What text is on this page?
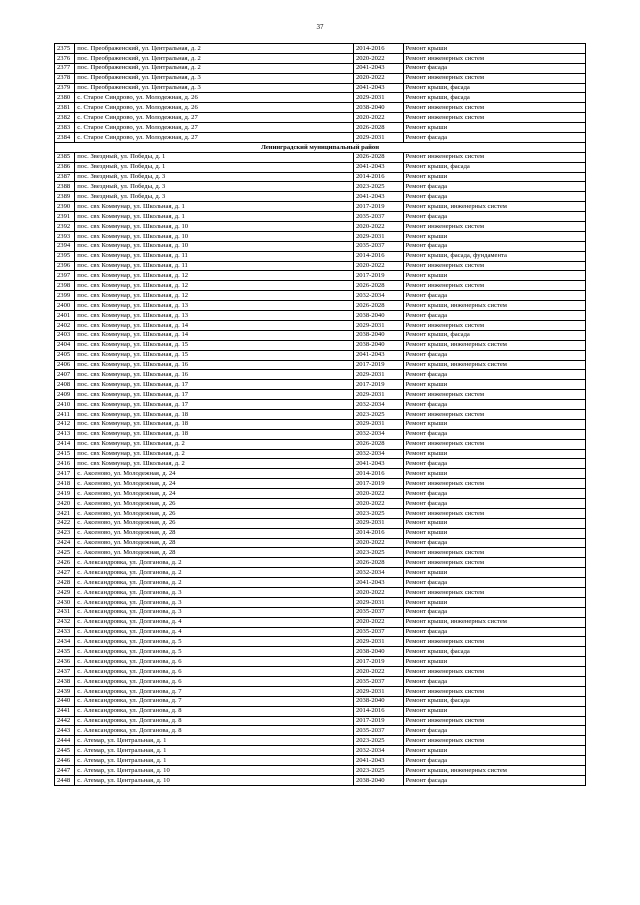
37
2375	пос. Преображенский, ул. Центральная, д. 2	2014-2016	Ремонт крыши
2376	пос. Преображенский, ул. Центральная, д. 2	2020-2022	Ремонт инженерных систем
2377	пос. Преображенский, ул. Центральная, д. 2	2041-2043	Ремонт фасада
2378	пос. Преображенский, ул. Центральная, д. 3	2020-2022	Ремонт инженерных систем
2379	пос. Преображенский, ул. Центральная, д. 3	2041-2043	Ремонт крыши, фасада
2380	с. Старое Синдрово, ул. Молодежная, д. 26	2029-2031	Ремонт крыши, фасада
2381	с. Старое Синдрово, ул. Молодежная, д. 26	2038-2040	Ремонт инженерных систем
2382	с. Старое Синдрово, ул. Молодежная, д. 27	2020-2022	Ремонт инженерных систем
2383	с. Старое Синдрово, ул. Молодежная, д. 27	2026-2028	Ремонт крыши
2384	с. Старое Синдрово, ул. Молодежная, д. 27	2029-2031	Ремонт фасада
Ленинградский муниципальный район			
2385	пос. Звездный, ул. Победы, д. 1	2026-2028	Ремонт инженерных систем
2386	пос. Звездный, ул. Победы, д. 1	2041-2043	Ремонт крыши, фасада
2387	пос. Звездный, ул. Победы, д. 3	2014-2016	Ремонт крыши
2388	пос. Звездный, ул. Победы, д. 3	2023-2025	Ремонт фасада
2389	пос. Звездный, ул. Победы, д. 3	2041-2043	Ремонт фасада
2390	пос. свх Коммунар, ул. Школьная, д. 1	2017-2019	Ремонт крыши, инженерных систем
2391	пос. свх Коммунар, ул. Школьная, д. 1	2035-2037	Ремонт фасада
2392	пос. свх Коммунар, ул. Школьная, д. 10	2020-2022	Ремонт инженерных систем
2393	пос. свх Коммунар, ул. Школьная, д. 10	2029-2031	Ремонт крыши
2394	пос. свх Коммунар, ул. Школьная, д. 10	2035-2037	Ремонт фасада
2395	пос. свх Коммунар, ул. Школьная, д. 11	2014-2016	Ремонт крыши, фасада, фундамента
2396	пос. свх Коммунар, ул. Школьная, д. 11	2020-2022	Ремонт инженерных систем
2397	пос. свх Коммунар, ул. Школьная, д. 12	2017-2019	Ремонт крыши
2398	пос. свх Коммунар, ул. Школьная, д. 12	2026-2028	Ремонт инженерных систем
2399	пос. свх Коммунар, ул. Школьная, д. 12	2032-2034	Ремонт фасада
2400	пос. свх Коммунар, ул. Школьная, д. 13	2026-2028	Ремонт крыши, инженерных систем
2401	пос. свх Коммунар, ул. Школьная, д. 13	2038-2040	Ремонт фасада
2402	пос. свх Коммунар, ул. Школьная, д. 14	2029-2031	Ремонт инженерных систем
2403	пос. свх Коммунар, ул. Школьная, д. 14	2038-2040	Ремонт крыши, фасада
2404	пос. свх Коммунар, ул. Школьная, д. 15	2038-2040	Ремонт крыши, инженерных систем
2405	пос. свх Коммунар, ул. Школьная, д. 15	2041-2043	Ремонт фасада
2406	пос. свх Коммунар, ул. Школьная, д. 16	2017-2019	Ремонт крыши, инженерных систем
2407	пос. свх Коммунар, ул. Школьная, д. 16	2029-2031	Ремонт фасада
2408	пос. свх Коммунар, ул. Школьная, д. 17	2017-2019	Ремонт крыши
2409	пос. свх Коммунар, ул. Школьная, д. 17	2029-2031	Ремонт инженерных систем
2410	пос. свх Коммунар, ул. Школьная, д. 17	2032-2034	Ремонт фасада
2411	пос. свх Коммунар, ул. Школьная, д. 18	2023-2025	Ремонт инженерных систем
2412	пос. свх Коммунар, ул. Школьная, д. 18	2029-2031	Ремонт крыши
2413	пос. свх Коммунар, ул. Школьная, д. 18	2032-2034	Ремонт фасада
2414	пос. свх Коммунар, ул. Школьная, д. 2	2026-2028	Ремонт инженерных систем
2415	пос. свх Коммунар, ул. Школьная, д. 2	2032-2034	Ремонт крыши
2416	пос. свх Коммунар, ул. Школьная, д. 2	2041-2043	Ремонт фасада
2417	с. Аксеново, ул. Молодежная, д. 24	2014-2016	Ремонт крыши
2418	с. Аксеново, ул. Молодежная, д. 24	2017-2019	Ремонт инженерных систем
2419	с. Аксеново, ул. Молодежная, д. 24	2020-2022	Ремонт фасада
2420	с. Аксеново, ул. Молодежная, д. 26	2020-2022	Ремонт фасада
2421	с. Аксеново, ул. Молодежная, д. 26	2023-2025	Ремонт инженерных систем
2422	с. Аксеново, ул. Молодежная, д. 26	2029-2031	Ремонт крыши
2423	с. Аксеново, ул. Молодежная, д. 28	2014-2016	Ремонт крыши
2424	с. Аксеново, ул. Молодежная, д. 28	2020-2022	Ремонт фасада
2425	с. Аксеново, ул. Молодежная, д. 28	2023-2025	Ремонт инженерных систем
2426	с. Александровка, ул. Долганова, д. 2	2026-2028	Ремонт инженерных систем
2427	с. Александровка, ул. Долганова, д. 2	2032-2034	Ремонт крыши
2428	с. Александровка, ул. Долганова, д. 2	2041-2043	Ремонт фасада
2429	с. Александровка, ул. Долганова, д. 3	2020-2022	Ремонт инженерных систем
2430	с. Александровка, ул. Долганова, д. 3	2029-2031	Ремонт крыши
2431	с. Александровка, ул. Долганова, д. 3	2035-2037	Ремонт фасада
2432	с. Александровка, ул. Долганова, д. 4	2020-2022	Ремонт крыши, инженерных систем
2433	с. Александровка, ул. Долганова, д. 4	2035-2037	Ремонт фасада
2434	с. Александровка, ул. Долганова, д. 5	2029-2031	Ремонт инженерных систем
2435	с. Александровка, ул. Долганова, д. 5	2038-2040	Ремонт крыши, фасада
2436	с. Александровка, ул. Долганова, д. 6	2017-2019	Ремонт крыши
2437	с. Александровка, ул. Долганова, д. 6	2020-2022	Ремонт инженерных систем
2438	с. Александровка, ул. Долганова, д. 6	2035-2037	Ремонт фасада
2439	с. Александровка, ул. Долганова, д. 7	2029-2031	Ремонт инженерных систем
2440	с. Александровка, ул. Долганова, д. 7	2038-2040	Ремонт крыши, фасада
2441	с. Александровка, ул. Долганова, д. 8	2014-2016	Ремонт крыши
2442	с. Александровка, ул. Долганова, д. 8	2017-2019	Ремонт инженерных систем
2443	с. Александровка, ул. Долганова, д. 8	2035-2037	Ремонт фасада
2444	с. Атемар, ул. Центральная, д. 1	2023-2025	Ремонт инженерных систем
2445	с. Атемар, ул. Центральная, д. 1	2032-2034	Ремонт крыши
2446	с. Атемар, ул. Центральная, д. 1	2041-2043	Ремонт фасада
2447	с. Атемар, ул. Центральная, д. 10	2023-2025	Ремонт крыши, инженерных систем
2448	с. Атемар, ул. Центральная, д. 10	2038-2040	Ремонт фасада
